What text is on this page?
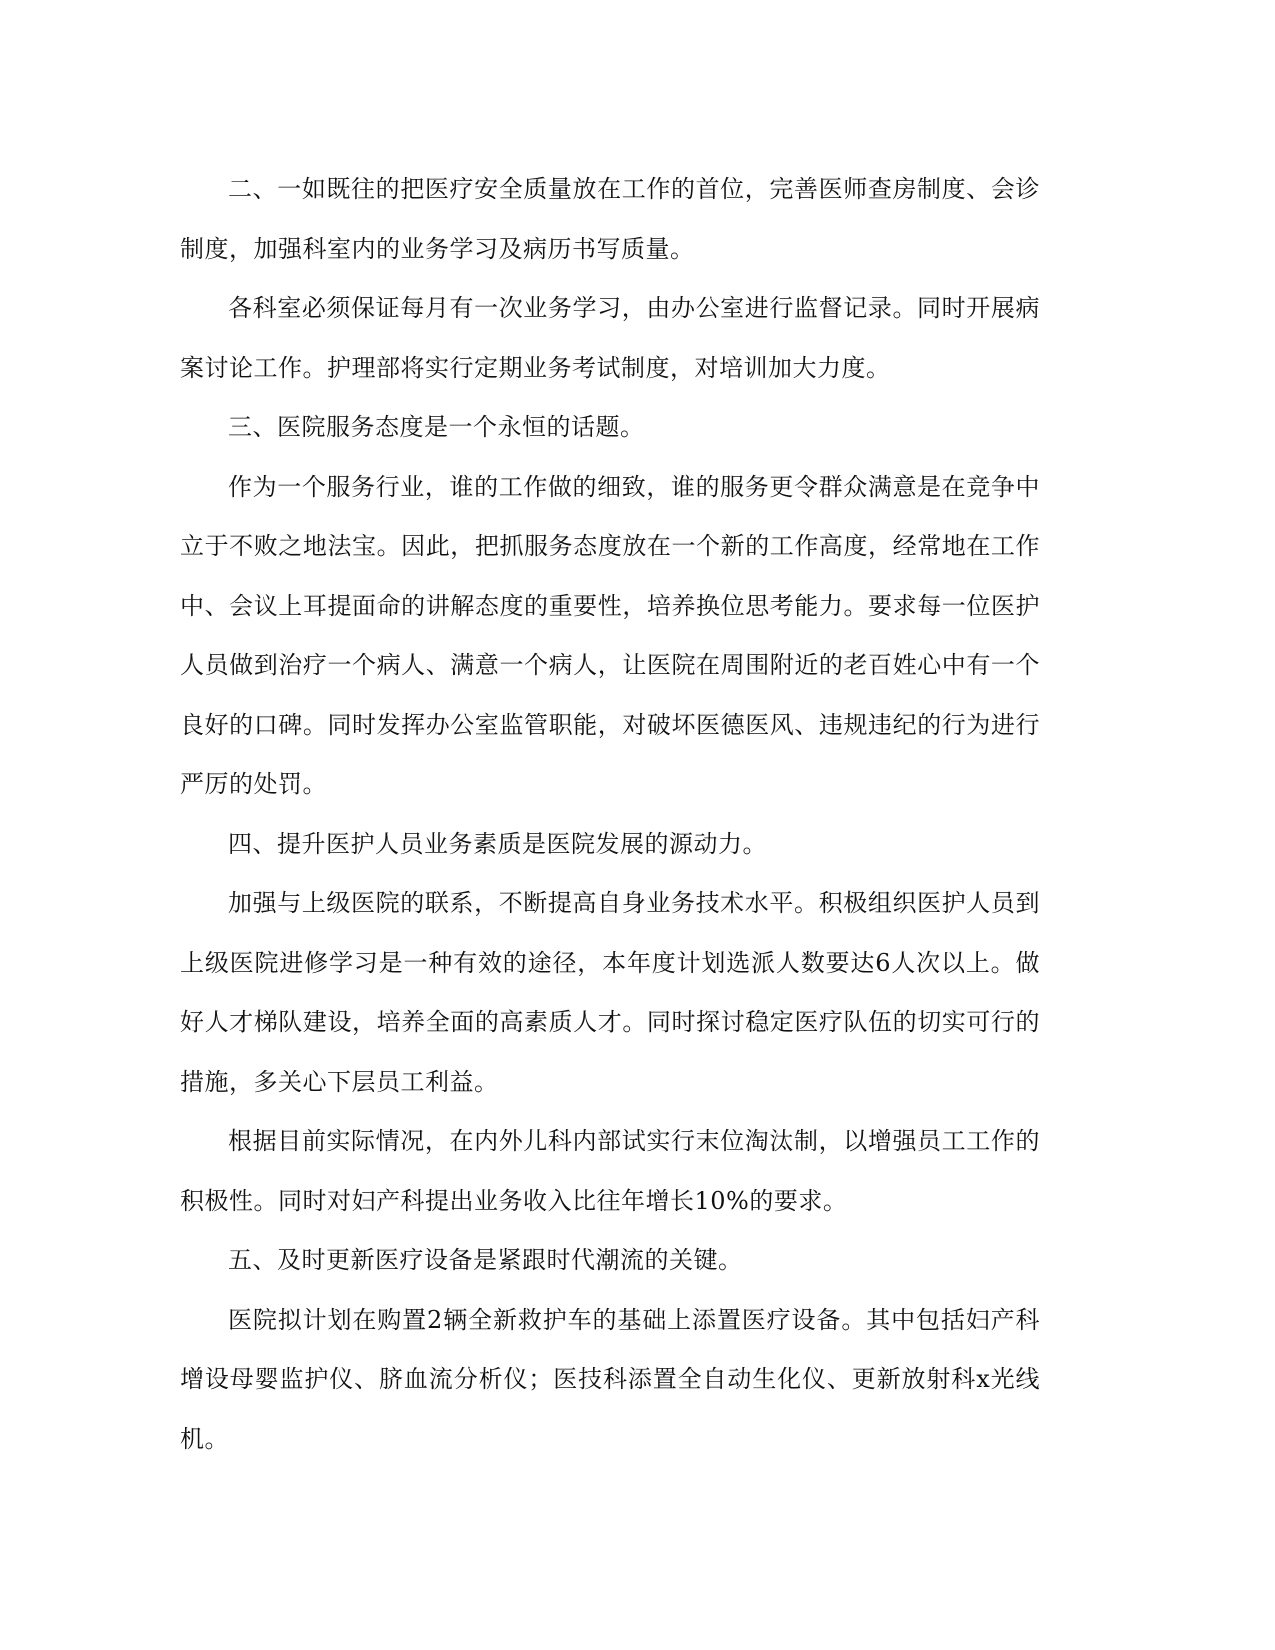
二、一如既往的把医疗安全质量放在工作的首位，完善医师查房制度、会诊制度，加强科室内的业务学习及病历书写质量。

各科室必须保证每月有一次业务学习，由办公室进行监督记录。同时开展病案讨论工作。护理部将实行定期业务考试制度，对培训加大力度。

三、医院服务态度是一个永恒的话题。

作为一个服务行业，谁的工作做的细致，谁的服务更令群众满意是在竞争中立于不败之地法宝。因此，把抓服务态度放在一个新的工作高度，经常地在工作中、会议上耳提面命的讲解态度的重要性，培养换位思考能力。要求每一位医护人员做到治疗一个病人、满意一个病人，让医院在周围附近的老百姓心中有一个良好的口碑。同时发挥办公室监管职能，对破坏医德医风、违规违纪的行为进行严厉的处罚。

四、提升医护人员业务素质是医院发展的源动力。

加强与上级医院的联系，不断提高自身业务技术水平。积极组织医护人员到上级医院进修学习是一种有效的途径，本年度计划选派人数要达6人次以上。做好人才梯队建设，培养全面的高素质人才。同时探讨稳定医疗队伍的切实可行的措施，多关心下层员工利益。

根据目前实际情况，在内外儿科内部试实行末位淘汰制，以增强员工工作的积极性。同时对妇产科提出业务收入比往年增长10%的要求。

五、及时更新医疗设备是紧跟时代潮流的关键。

医院拟计划在购置2辆全新救护车的基础上添置医疗设备。其中包括妇产科增设母婴监护仪、脐血流分析仪；医技科添置全自动生化仪、更新放射科x光线机。
